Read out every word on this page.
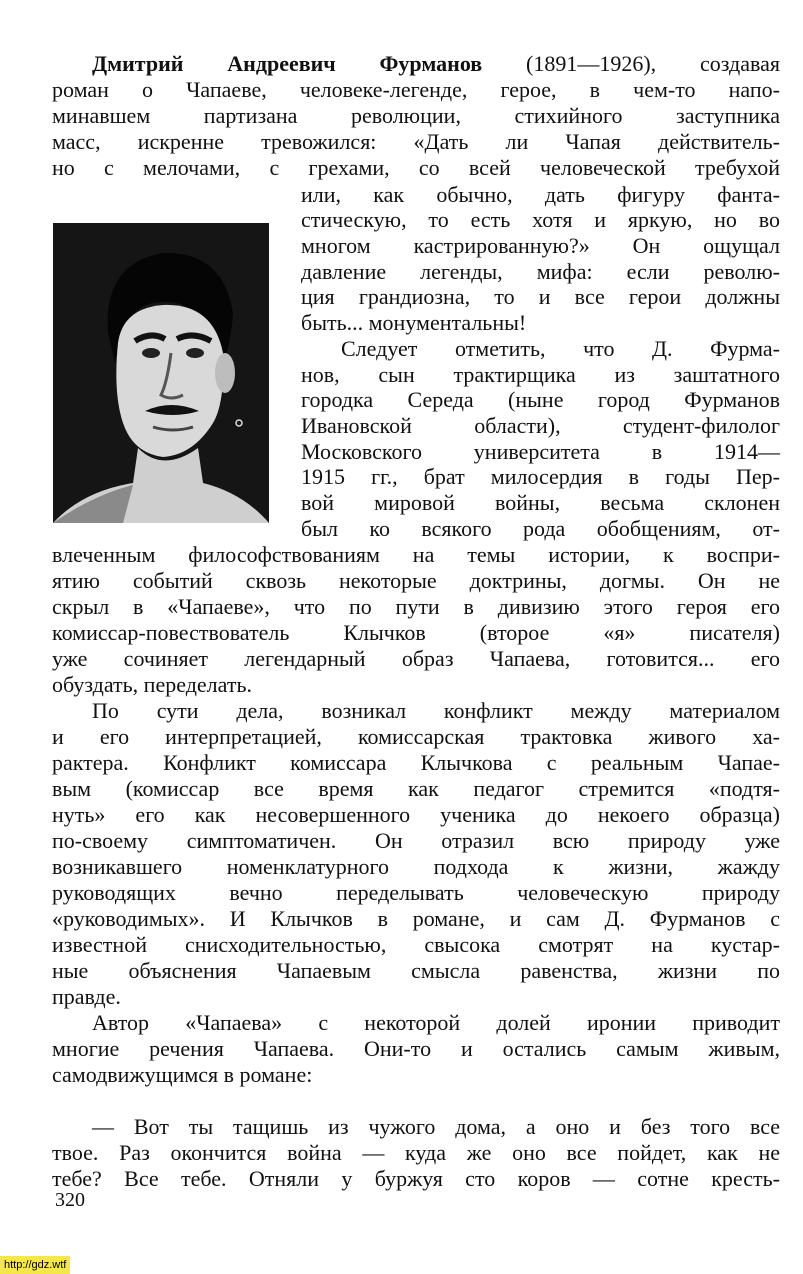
Дмитрий Андреевич Фурманов (1891—1926), создавая
роман о Чапаеве, человеке-легенде, герое, в чем-то напо-
минавшем партизана революции, стихийного заступника
масс, искренне тревожился: «Дать ли Чапая действитель-
но с мелочами, с грехами, со всей человеческой требухой
или, как обычно, дать фигуру фанта-
стическую, то есть хотя и яркую, но во
многом кастрированную?» Он ощущал
давление легенды, мифа: если револю-
ция грандиозна, то и все герои должны
быть... монументальны!
Следует отметить, что Д. Фурма-
нов, сын трактирщика из заштатного
городка Середа (ныне город Фурманов
Ивановской области), студент-филолог
Московского университета в 1914—
1915 гг., брат милосердия в годы Пер-
вой мировой войны, весьма склонен
был ко всякого рода обобщениям, от-
влеченным философствованиям на темы истории, к воспри-
ятию событий сквозь некоторые доктрины, догмы. Он не
скрыл в «Чапаеве», что по пути в дивизию этого героя его
комиссар-повествователь Клычков (второе «я» писателя)
уже сочиняет легендарный образ Чапаева, готовится... его
обуздать, переделать.
По сути дела, возникал конфликт между материалом
и его интерпретацией, комиссарская трактовка живого ха-
рактера. Конфликт комиссара Клычкова с реальным Чапае-
вым (комиссар все время как педагог стремится «подтя-
нуть» его как несовершенного ученика до некоего образца)
по-своему симптоматичен. Он отразил всю природу уже
возникавшего номенклатурного подхода к жизни, жажду
руководящих вечно переделывать человеческую природу
«руководимых». И Клычков в романе, и сам Д. Фурманов с
известной снисходительностью, свысока смотрят на кустар-
ные объяснения Чапаевым смысла равенства, жизни по
правде.
Автор «Чапаева» с некоторой долей иронии приводит
многие речения Чапаева. Они-то и остались самым живым,
самодвижущимся в романе:
— Вот ты тащишь из чужого дома, а оно и без того все
твое. Раз окончится война — куда же оно все пойдет, как не
тебе? Все тебе. Отняли у буржуя сто коров — сотне кресть-
320
http://gdz.wtf
